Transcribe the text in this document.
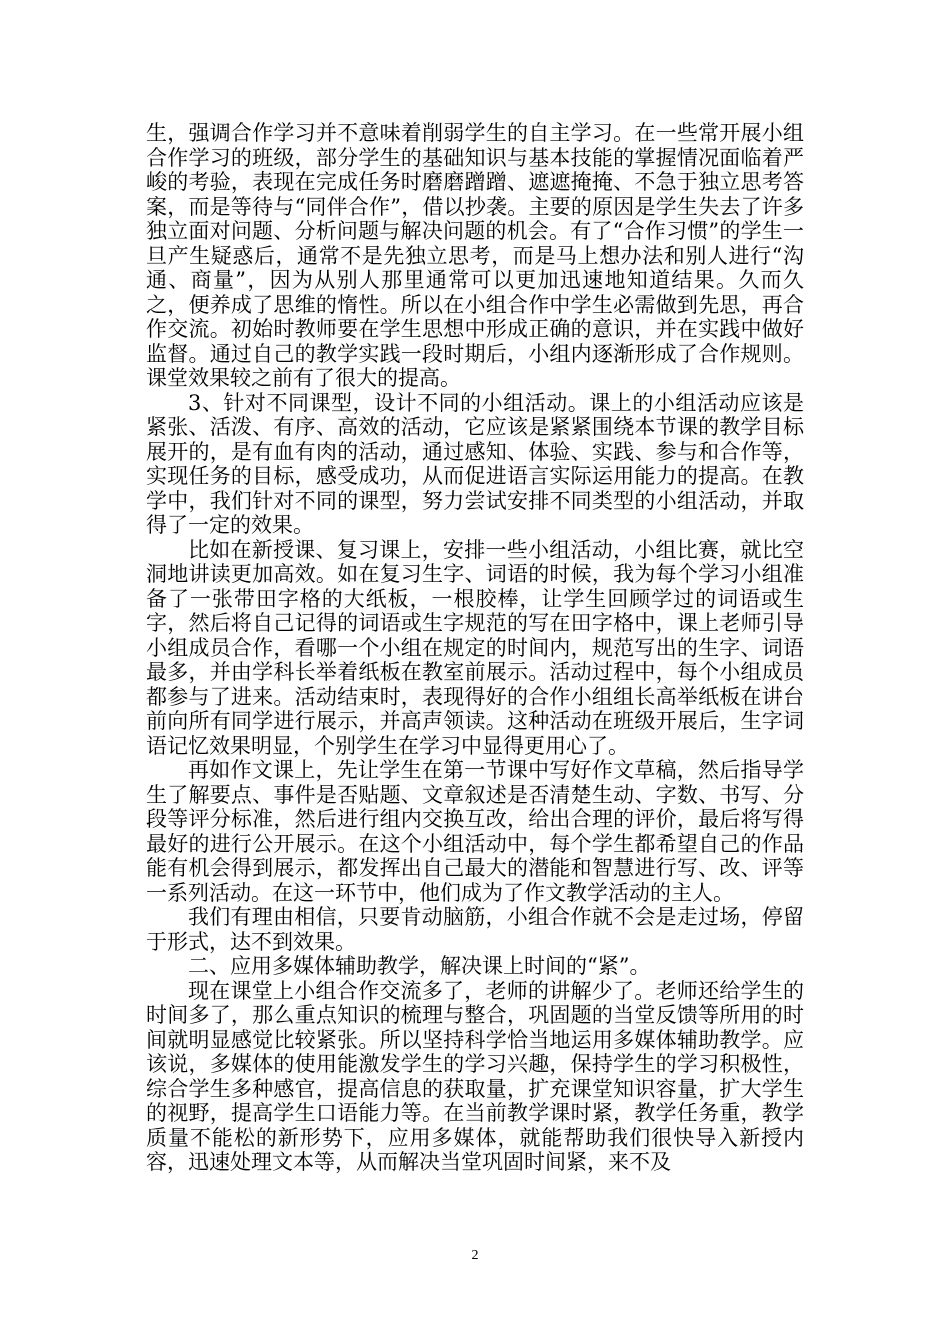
生，强调合作学习并不意味着削弱学生的自主学习。在一些常开展小组合作学习的班级，部分学生的基础知识与基本技能的掌握情况面临着严峻的考验，表现在完成任务时磨磨蹭蹭、遮遮掩掩、不急于独立思考答案，而是等待与“同伴合作”，借以抄袭。主要的原因是学生失去了许多独立面对问题、分析问题与解决问题的机会。有了“合作习惯”的学生一旦产生疑惑后，通常不是先独立思考，而是马上想办法和别人进行“沟通、商量”，因为从别人那里通常可以更加迅速地知道结果。久而久之，便养成了思维的惰性。所以在小组合作中学生必需做到先思，再合作交流。初始时教师要在学生思想中形成正确的意识，并在实践中做好监督。通过自己的教学实践一段时期后，小组内逐渐形成了合作规则。课堂效果较之前有了很大的提高。

3、针对不同课型，设计不同的小组活动。课上的小组活动应该是紧张、活泼、有序、高效的活动，它应该是紧紧围绕本节课的教学目标展开的，是有血有肉的活动，通过感知、体验、实践、参与和合作等，实现任务的目标，感受成功，从而促进语言实际运用能力的提高。在教学中，我们针对不同的课型，努力尝试安排不同类型的小组活动，并取得了一定的效果。

比如在新授课、复习课上，安排一些小组活动，小组比赛，就比空洞地讲读更加高效。如在复习生字、词语的时候，我为每个学习小组准备了一张带田字格的大纸板，一根胶棒，让学生回顾学过的词语或生字，然后将自己记得的词语或生字规范的写在田字格中，课上老师引导小组成员合作，看哪一个小组在规定的时间内，规范写出的生字、词语最多，并由学科长举着纸板在教室前展示。活动过程中，每个小组成员都参与了进来。活动结束时，表现得好的合作小组组长高举纸板在讲台前向所有同学进行展示，并高声领读。这种活动在班级开展后，生字词语记忆效果明显，个别学生在学习中显得更用心了。

再如作文课上，先让学生在第一节课中写好作文草稿，然后指导学生了解要点、事件是否贴题、文章叙述是否清楚生动、字数、书写、分段等评分标准，然后进行组内交换互改，给出合理的评价，最后将写得最好的进行公开展示。在这个小组活动中，每个学生都希望自己的作品能有机会得到展示，都发挥出自己最大的潜能和智慧进行写、改、评等一系列活动。在这一环节中，他们成为了作文教学活动的主人。

我们有理由相信，只要肯动脑筋，小组合作就不会是走过场，停留于形式，达不到效果。

二、应用多媒体辅助教学，解决课上时间的“紧”。

现在课堂上小组合作交流多了，老师的讲解少了。老师还给学生的时间多了，那么重点知识的梳理与整合，巩固题的当堂反馈等所用的时间就明显感觉比较紧张。所以坚持科学恰当地运用多媒体辅助教学。应该说，多媒体的使用能激发学生的学习兴趣，保持学生的学习积极性，综合学生多种感官，提高信息的获取量，扩充课堂知识容量，扩大学生的视野，提高学生口语能力等。在当前教学课时紧，教学任务重，教学质量不能松的新形势下，应用多媒体，就能帮助我们很快导入新授内容，迅速处理文本等，从而解决当堂巩固时间紧，来不及

2
